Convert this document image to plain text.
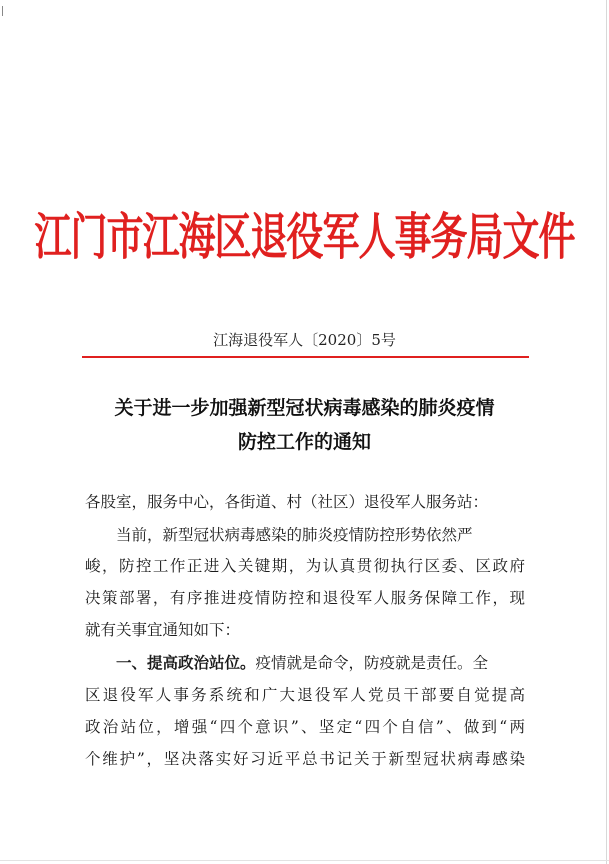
江门市江海区退役军人事务局文件
江海退役军人〔2020〕5号
关于进一步加强新型冠状病毒感染的肺炎疫情
防控工作的通知
各股室，服务中心，各街道、村（社区）退役军人服务站：
当前，新型冠状病毒感染的肺炎疫情防控形势依然严
峻，防控工作正进入关键期，为认真贯彻执行区委、区政府
决策部署，有序推进疫情防控和退役军人服务保障工作，现
就有关事宜通知如下：
一、提高政治站位。疫情就是命令，防疫就是责任。全
区退役军人事务系统和广大退役军人党员干部要自觉提高
政治站位，增强“四个意识”、坚定“四个自信”、做到“两
个维护”，坚决落实好习近平总书记关于新型冠状病毒感染
